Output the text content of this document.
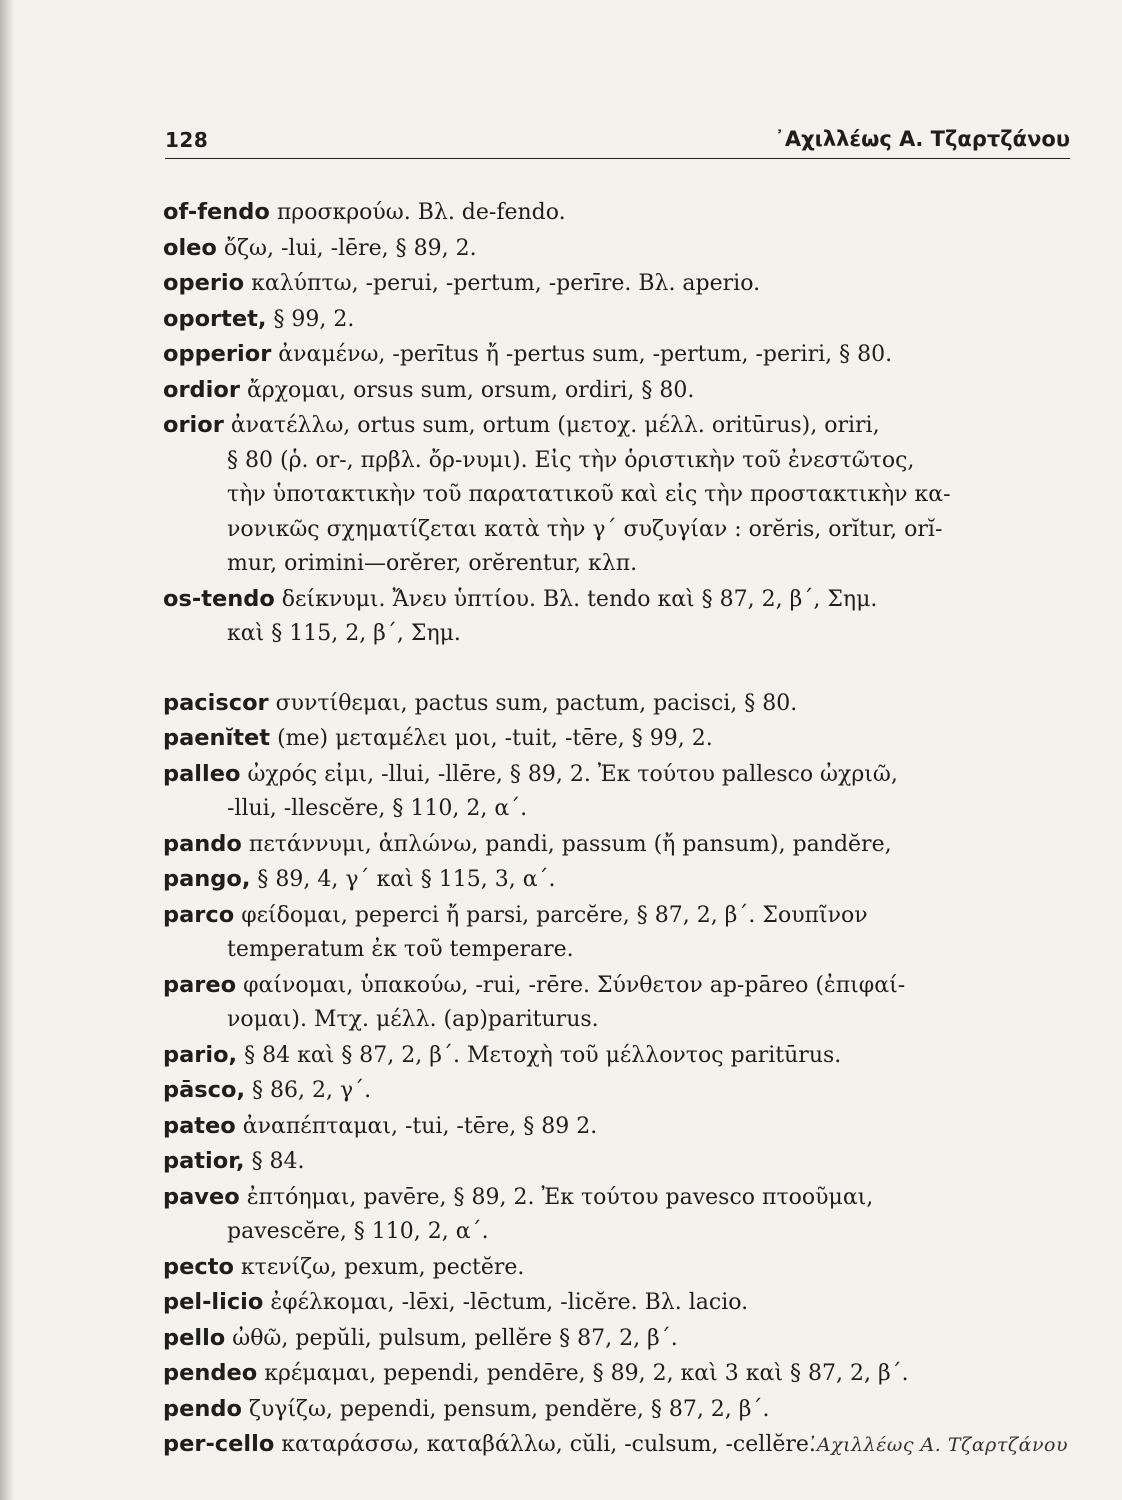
128	᾿Αχιλλέως Α. Τζαρτζάνου
of-fendo προσκρούω. Βλ. de-fendo.
oleo ὄζω, -lui, -lēre, § 89, 2.
operio καλύπτω, -perui, -pertum, -perīre. Βλ. aperio.
oportet, § 99, 2.
opperior ἀναμένω, -perītus ἤ -pertus sum, -pertum, -periri, § 80.
ordior ἄρχομαι, orsus sum, orsum, ordiri, § 80.
orior ἀνατέλλω, ortus sum, ortum (μετοχ. μέλλ. oritūrus), oriri,
§ 80 (ῥ. or-, πρβλ. ὄρ-νυμι). Εἰς τὴν ὁριστικὴν τοῦ ἐνεστῶτος,
τὴν ὑποτακτικὴν τοῦ παρατατικοῦ καὶ εἰς τὴν προστακτικὴν κα-
νονικῶς σχηματίζεται κατὰ τὴν γ΄ συζυγίαν : orĕris, orĭtur, orĭ-
mur, orimini—orĕrer, orĕrentur, κλπ.
os-tendo δείκνυμι. Ἄνευ ὑπτίου. Βλ. tendo καὶ § 87, 2, β΄, Σημ.
καὶ § 115, 2, β΄, Σημ.
paciscor συντίθεμαι, pactus sum, pactum, pacisci, § 80.
paenĭtet (me) μεταμέλει μοι, -tuit, -tēre, § 99, 2.
palleo ὠχρός εἰμι, -llui, -llēre, § 89, 2. Ἐκ τούτου pallesco ὠχριῶ,
-llui, -llescĕre, § 110, 2, α΄.
pando πετάννυμι, ἁπλώνω, pandi, passum (ἤ pansum), pandĕre,
pango, § 89, 4, γ΄ καὶ § 115, 3, α΄.
parco φείδομαι, peperci ἤ parsi, parcĕre, § 87, 2, β΄. Σουπῖνον
temperatum ἐκ τοῦ temperare.
pareo φαίνομαι, ὑπακούω, -rui, -rēre. Σύνθετον ap-pāreo (ἐπιφαί-
νομαι). Μτχ. μέλλ. (ap)pariturus.
pario, § 84 καὶ § 87, 2, β΄. Μετοχὴ τοῦ μέλλοντος paritūrus.
pāsco, § 86, 2, γ΄.
pateo ἀναπέπταμαι, -tui, -tēre, § 89 2.
patior, § 84.
paveo ἐπτόημαι, pavēre, § 89, 2. Ἐκ τούτου pavesco πτοοῦμαι,
pavescĕre, § 110, 2, α΄.
pecto κτενίζω, pexum, pectĕre.
pel-licio ἐφέλκομαι, -lēxi, -lēctum, -licĕre. Βλ. lacio.
pello ὠθῶ, pepŭli, pulsum, pellĕre § 87, 2, β΄.
pendeo κρέμαμαι, pependi, pendēre, § 89, 2, καὶ 3 καὶ § 87, 2, β΄.
pendo ζυγίζω, pependi, pensum, pendĕre, § 87, 2, β΄.
per-cello καταράσσω, καταβάλλω, cŭli, -culsum, -cellĕre.
᾿Αχιλλέως Α. Τζαρτζάνου
